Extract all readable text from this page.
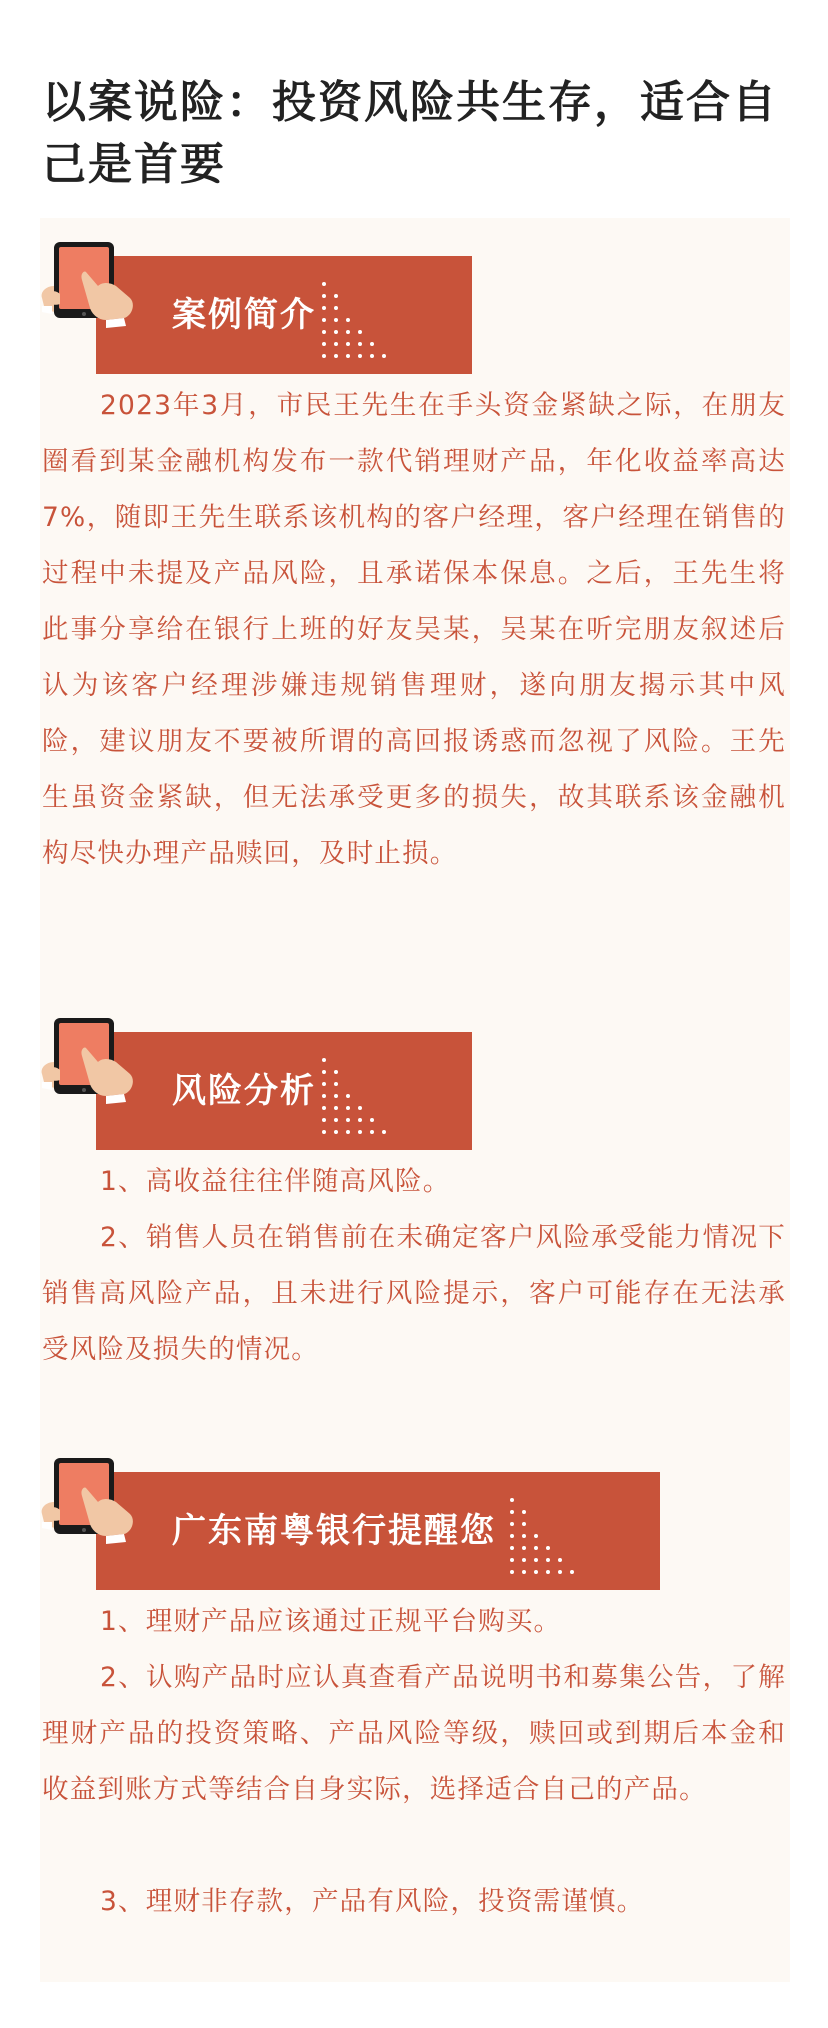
以案说险：投资风险共生存，适合自己是首要
案例简介

2023年3月，市民王先生在手头资金紧缺之际，在朋友圈看到某金融机构发布一款代销理财产品，年化收益率高达7%，随即王先生联系该机构的客户经理，客户经理在销售的过程中未提及产品风险，且承诺保本保息。之后，王先生将此事分享给在银行上班的好友吴某，吴某在听完朋友叙述后认为该客户经理涉嫌违规销售理财，遂向朋友揭示其中风险，建议朋友不要被所谓的高回报诱惑而忽视了风险。王先生虽资金紧缺，但无法承受更多的损失，故其联系该金融机构尽快办理产品赎回，及时止损。

风险分析

1、高收益往往伴随高风险。

2、销售人员在销售前在未确定客户风险承受能力情况下销售高风险产品，且未进行风险提示，客户可能存在无法承受风险及损失的情况。

广东南粤银行提醒您

1、理财产品应该通过正规平台购买。

2、认购产品时应认真查看产品说明书和募集公告，了解理财产品的投资策略、产品风险等级，赎回或到期后本金和收益到账方式等结合自身实际，选择适合自己的产品。

3、理财非存款，产品有风险，投资需谨慎。
